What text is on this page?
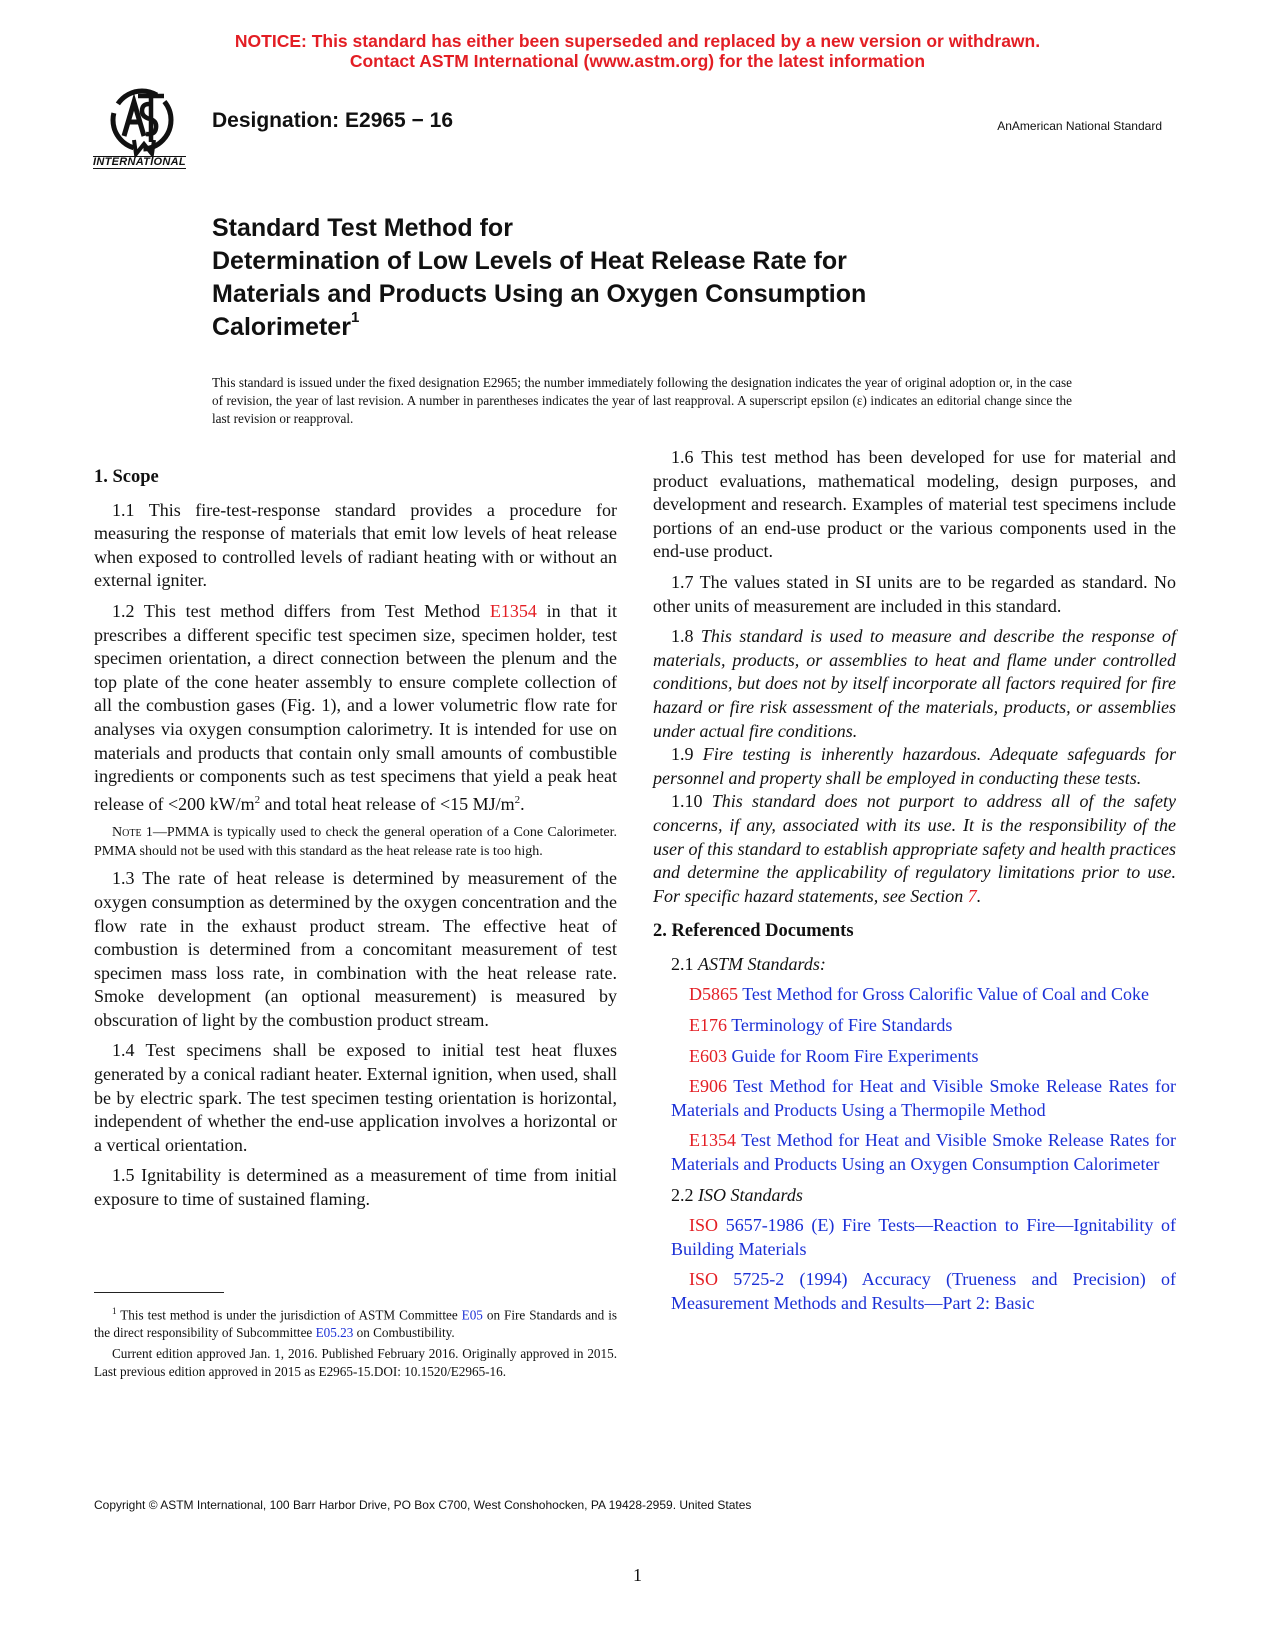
NOTICE: This standard has either been superseded and replaced by a new version or withdrawn.
Contact ASTM International (www.astm.org) for the latest information
INTERNATIONAL
Designation: E2965 − 16	AnAmerican National Standard
Standard Test Method for
Determination of Low Levels of Heat Release Rate for
Materials and Products Using an Oxygen Consumption
Calorimeter$^1$
This standard is issued under the fixed designation E2965; the number immediately following the designation indicates the year of original adoption or, in the case of revision, the year of last revision. A number in parentheses indicates the year of last reapproval. A superscript epsilon (ε) indicates an editorial change since the last revision or reapproval.
1. Scope

1.1 This fire-test-response standard provides a procedure for measuring the response of materials that emit low levels of heat release when exposed to controlled levels of radiant heating with or without an external igniter.

1.2 This test method differs from Test Method E1354 in that it prescribes a different specific test specimen size, specimen holder, test specimen orientation, a direct connection between the plenum and the top plate of the cone heater assembly to ensure complete collection of all the combustion gases (Fig. 1), and a lower volumetric flow rate for analyses via oxygen consumption calorimetry. It is intended for use on materials and products that contain only small amounts of combustible ingredients or components such as test specimens that yield a peak heat release of <200 $kW/m^2$ and total heat release of <15 $MJ/m^2$.

Note 1—PMMA is typically used to check the general operation of a Cone Calorimeter. PMMA should not be used with this standard as the heat release rate is too high.

1.3 The rate of heat release is determined by measurement of the oxygen consumption as determined by the oxygen concentration and the flow rate in the exhaust product stream. The effective heat of combustion is determined from a concomitant measurement of test specimen mass loss rate, in combination with the heat release rate. Smoke development (an optional measurement) is measured by obscuration of light by the combustion product stream.

1.4 Test specimens shall be exposed to initial test heat fluxes generated by a conical radiant heater. External ignition, when used, shall be by electric spark. The test specimen testing orientation is horizontal, independent of whether the end-use application involves a horizontal or a vertical orientation.

1.5 Ignitability is determined as a measurement of time from initial exposure to time of sustained flaming.

$^1$ This test method is under the jurisdiction of ASTM Committee E05 on Fire Standards and is the direct responsibility of Subcommittee E05.23 on Combustibility.

Current edition approved Jan. 1, 2016. Published February 2016. Originally approved in 2015. Last previous edition approved in 2015 as E2965-15.DOI: 10.1520/E2965-16.

1.6 This test method has been developed for use for material and product evaluations, mathematical modeling, design purposes, and development and research. Examples of material test specimens include portions of an end-use product or the various components used in the end-use product.

1.7 The values stated in SI units are to be regarded as standard. No other units of measurement are included in this standard.

1.8 This standard is used to measure and describe the response of materials, products, or assemblies to heat and flame under controlled conditions, but does not by itself incorporate all factors required for fire hazard or fire risk assessment of the materials, products, or assemblies under actual fire conditions.

1.9 Fire testing is inherently hazardous. Adequate safeguards for personnel and property shall be employed in conducting these tests.

1.10 This standard does not purport to address all of the safety concerns, if any, associated with its use. It is the responsibility of the user of this standard to establish appropriate safety and health practices and determine the applicability of regulatory limitations prior to use. For specific hazard statements, see Section 7.

2. Referenced Documents

2.1 ASTM Standards:

D5865 Test Method for Gross Calorific Value of Coal and Coke

E176 Terminology of Fire Standards

E603 Guide for Room Fire Experiments

E906 Test Method for Heat and Visible Smoke Release Rates for Materials and Products Using a Thermopile Method

E1354 Test Method for Heat and Visible Smoke Release Rates for Materials and Products Using an Oxygen Consumption Calorimeter

2.2 ISO Standards

ISO 5657-1986 (E) Fire Tests—Reaction to Fire—Ignitability of Building Materials

ISO 5725-2 (1994) Accuracy (Trueness and Precision) of Measurement Methods and Results—Part 2: Basic

Copyright © ASTM International, 100 Barr Harbor Drive, PO Box C700, West Conshohocken, PA 19428-2959. United States
1
